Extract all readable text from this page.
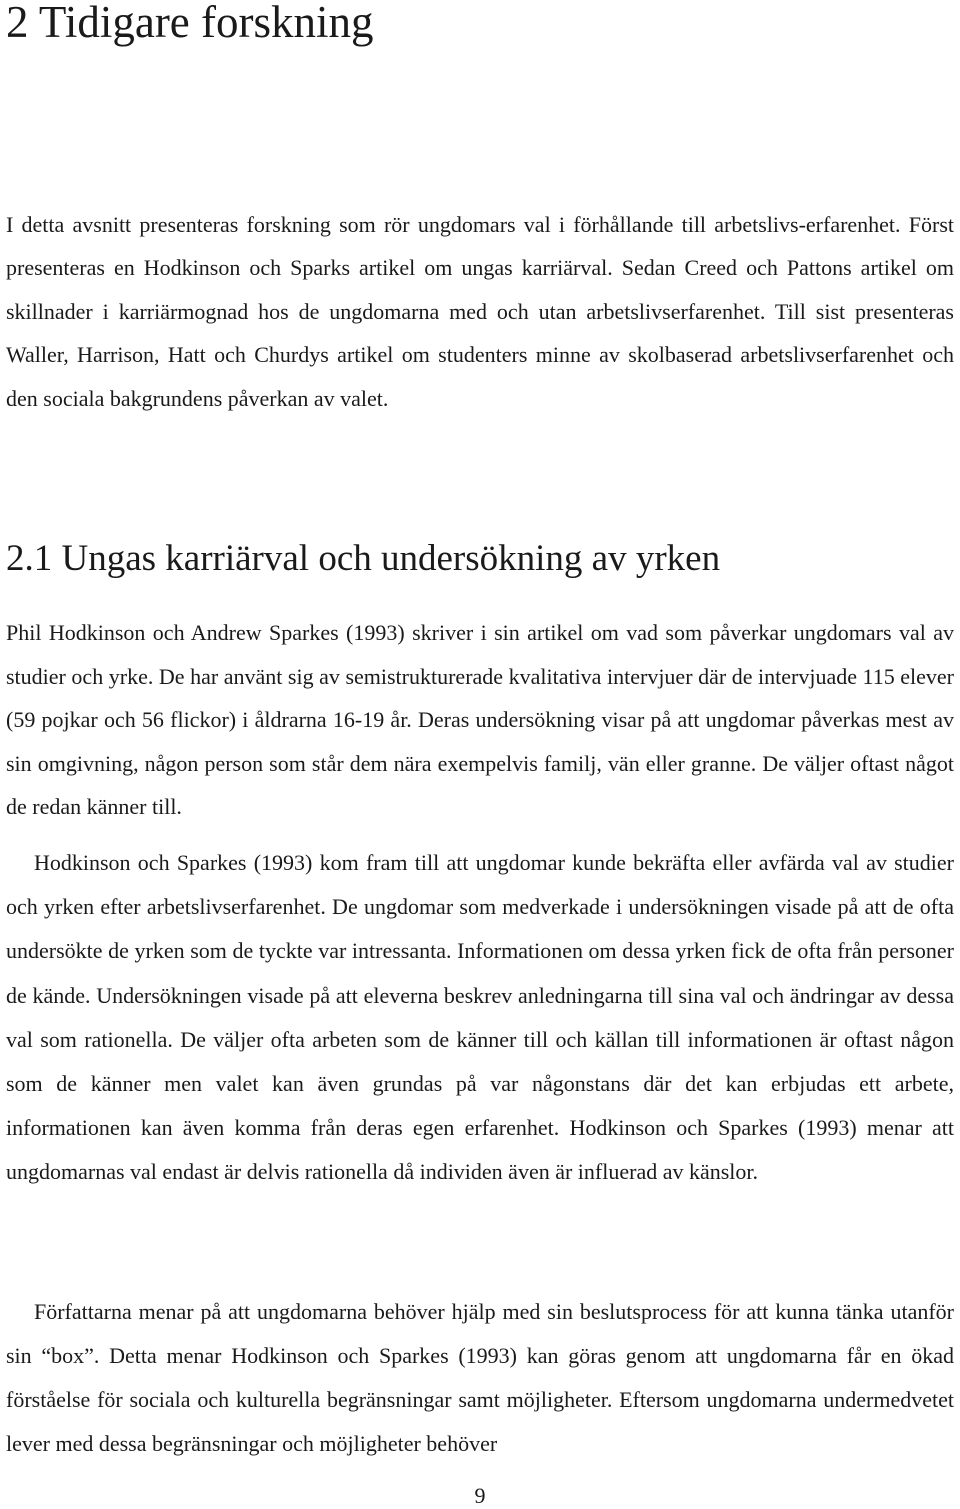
2 Tidigare forskning

I detta avsnitt presenteras forskning som rör ungdomars val i förhållande till arbetslivs-erfarenhet. Först presenteras en Hodkinson och Sparks artikel om ungas karriärval. Sedan Creed och Pattons artikel om skillnader i karriärmognad hos de ungdomarna med och utan arbetslivserfarenhet. Till sist presenteras Waller, Harrison, Hatt och Churdys artikel om studenters minne av skolbaserad arbetslivserfarenhet och den sociala bakgrundens påverkan av valet.

2.1 Ungas karriärval och undersökning av yrken

Phil Hodkinson och Andrew Sparkes (1993) skriver i sin artikel om vad som påverkar ungdomars val av studier och yrke. De har använt sig av semistrukturerade kvalitativa intervjuer där de intervjuade 115 elever (59 pojkar och 56 flickor) i åldrarna 16-19 år. Deras undersökning visar på att ungdomar påverkas mest av sin omgivning, någon person som står dem nära exempelvis familj, vän eller granne. De väljer oftast något de redan känner till.

Hodkinson och Sparkes (1993) kom fram till att ungdomar kunde bekräfta eller avfärda val av studier och yrken efter arbetslivserfarenhet. De ungdomar som medverkade i undersökningen visade på att de ofta undersökte de yrken som de tyckte var intressanta. Informationen om dessa yrken fick de ofta från personer de kände. Undersökningen visade på att eleverna beskrev anledningarna till sina val och ändringar av dessa val som rationella. De väljer ofta arbeten som de känner till och källan till informationen är oftast någon som de känner men valet kan även grundas på var någonstans där det kan erbjudas ett arbete, informationen kan även komma från deras egen erfarenhet. Hodkinson och Sparkes (1993) menar att ungdomarnas val endast är delvis rationella då individen även är influerad av känslor.

Författarna menar på att ungdomarna behöver hjälp med sin beslutsprocess för att kunna tänka utanför sin “box”. Detta menar Hodkinson och Sparkes (1993) kan göras genom att ungdomarna får en ökad förståelse för sociala och kulturella begränsningar samt möjligheter. Eftersom ungdomarna undermedvetet lever med dessa begränsningar och möjligheter behöver

9
